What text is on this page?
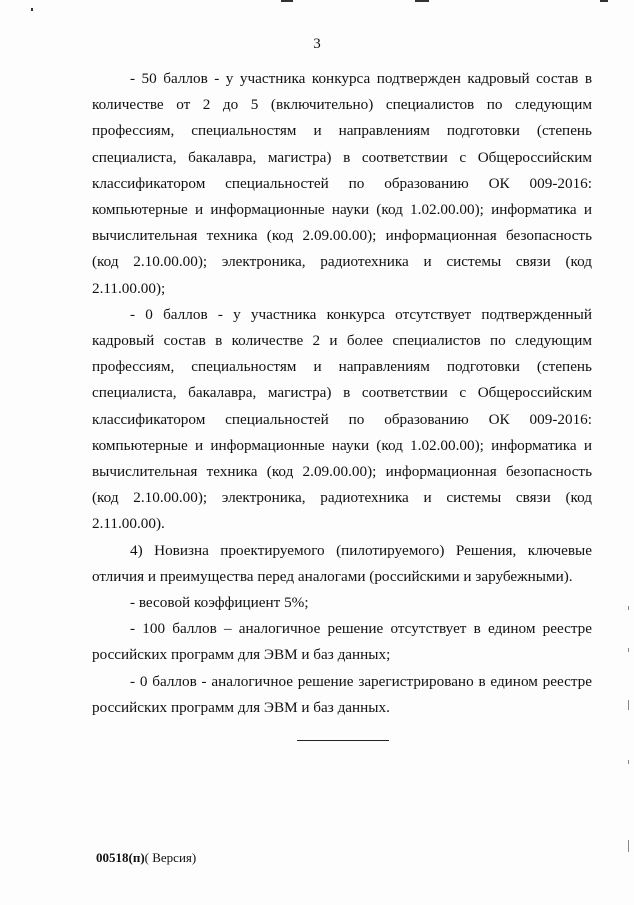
3

- 50 баллов - у участника конкурса подтвержден кадровый состав в количестве от 2 до 5 (включительно) специалистов по следующим профессиям, специальностям и направлениям подготовки (степень специалиста, бакалавра, магистра) в соответствии с Общероссийским классификатором специальностей по образованию ОК 009-2016: компьютерные и информационные науки (код 1.02.00.00); информатика и вычислительная техника (код 2.09.00.00); информационная безопасность (код 2.10.00.00); электроника, радиотехника и системы связи (код 2.11.00.00);

- 0 баллов - у участника конкурса отсутствует подтвержденный кадровый состав в количестве 2 и более специалистов по следующим профессиям, специальностям и направлениям подготовки (степень специалиста, бакалавра, магистра) в соответствии с Общероссийским классификатором специальностей по образованию ОК 009-2016: компьютерные и информационные науки (код 1.02.00.00); информатика и вычислительная техника (код 2.09.00.00); информационная безопасность (код 2.10.00.00); электроника, радиотехника и системы связи (код 2.11.00.00).

4) Новизна проектируемого (пилотируемого) Решения, ключевые отличия и преимущества перед аналогами (российскими и зарубежными).

- весовой коэффициент 5%;

- 100 баллов – аналогичное решение отсутствует в едином реестре российских программ для ЭВМ и баз данных;

- 0 баллов - аналогичное решение зарегистрировано в едином реестре российских программ для ЭВМ и баз данных.

00518(п)( Версия)
